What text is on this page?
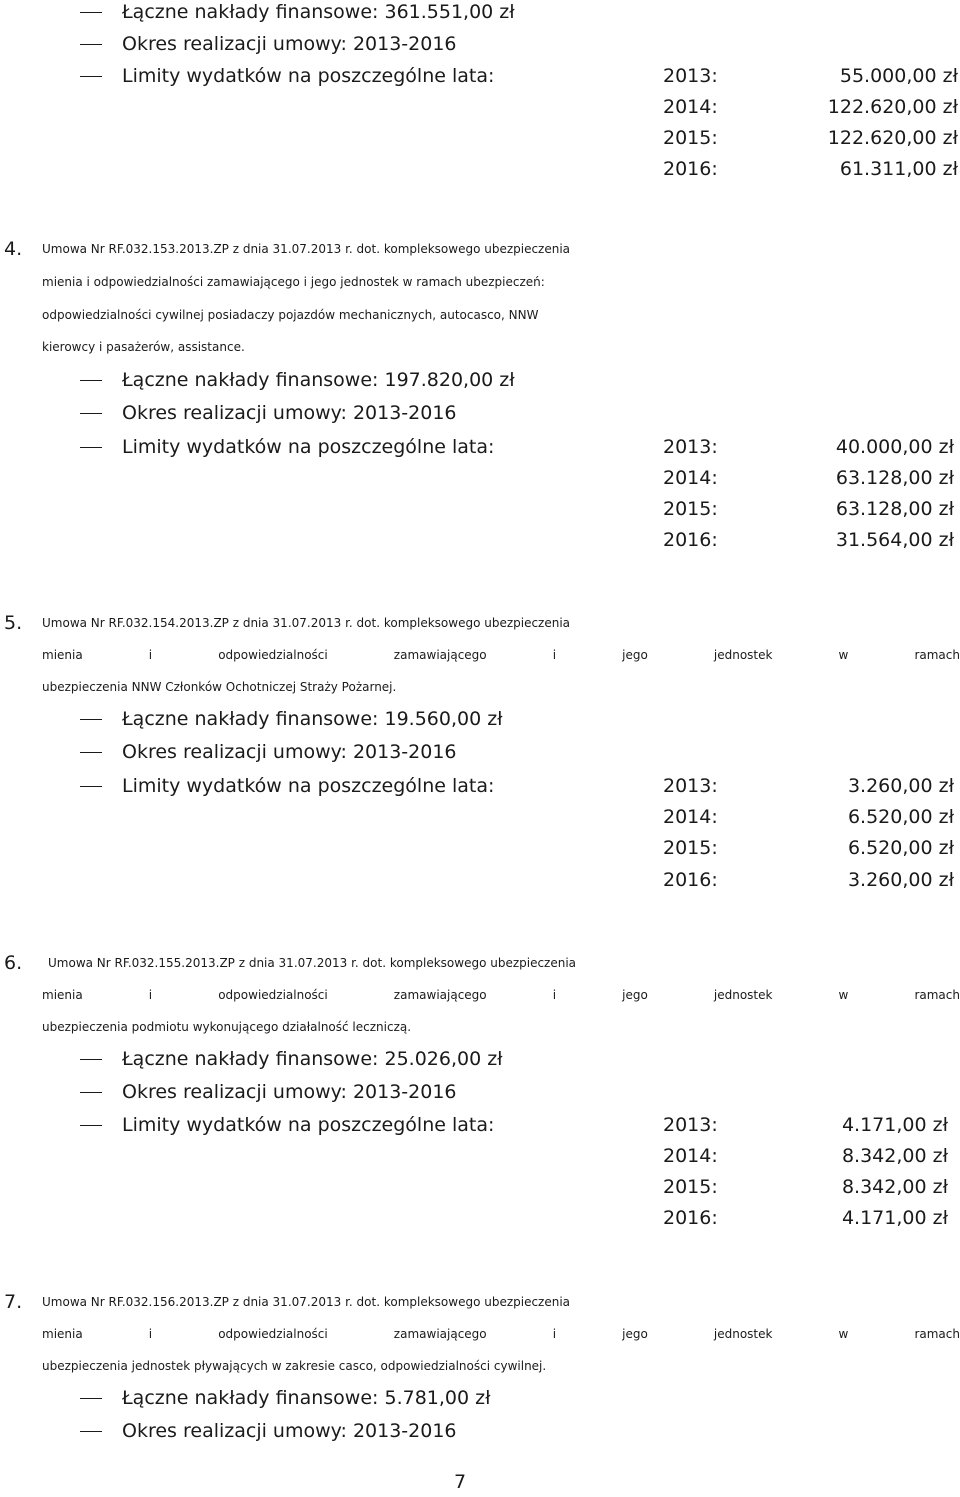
Łączne nakłady finansowe: 361.551,00 zł
Okres realizacji umowy: 2013-2016
Limity wydatków na poszczególne lata:	2013:	55.000,00 zł
2014:	122.620,00 zł
2015:	122.620,00 zł
2016:	61.311,00 zł
4. Umowa Nr RF.032.153.2013.ZP z dnia 31.07.2013 r. dot. kompleksowego ubezpieczenia
mienia i odpowiedzialności zamawiającego i jego jednostek w ramach ubezpieczeń:
odpowiedzialności cywilnej posiadaczy pojazdów mechanicznych, autocasco, NNW
kierowcy i pasażerów, assistance.
Łączne nakłady finansowe: 197.820,00 zł
Okres realizacji umowy: 2013-2016
Limity wydatków na poszczególne lata:	2013:	40.000,00 zł
2014:	63.128,00 zł
2015:	63.128,00 zł
2016:	31.564,00 zł
5. Umowa Nr RF.032.154.2013.ZP z dnia 31.07.2013 r. dot. kompleksowego ubezpieczenia
mienia i odpowiedzialności zamawiającego i jego jednostek w ramach
ubezpieczenia NNW Członków Ochotniczej Straży Pożarnej.
Łączne nakłady finansowe: 19.560,00 zł
Okres realizacji umowy: 2013-2016
Limity wydatków na poszczególne lata:	2013:	3.260,00 zł
2014:	6.520,00 zł
2015:	6.520,00 zł
2016:	3.260,00 zł
6. Umowa Nr RF.032.155.2013.ZP z dnia 31.07.2013 r. dot. kompleksowego ubezpieczenia
mienia i odpowiedzialności zamawiającego i jego jednostek w ramach
ubezpieczenia podmiotu wykonującego działalność leczniczą.
Łączne nakłady finansowe: 25.026,00 zł
Okres realizacji umowy: 2013-2016
Limity wydatków na poszczególne lata:	2013:	4.171,00 zł
2014:	8.342,00 zł
2015:	8.342,00 zł
2016:	4.171,00 zł
7. Umowa Nr RF.032.156.2013.ZP z dnia 31.07.2013 r. dot. kompleksowego ubezpieczenia
mienia i odpowiedzialności zamawiającego i jego jednostek w ramach
ubezpieczenia jednostek pływających w zakresie casco, odpowiedzialności cywilnej.
Łączne nakłady finansowe: 5.781,00 zł
Okres realizacji umowy: 2013-2016
7
